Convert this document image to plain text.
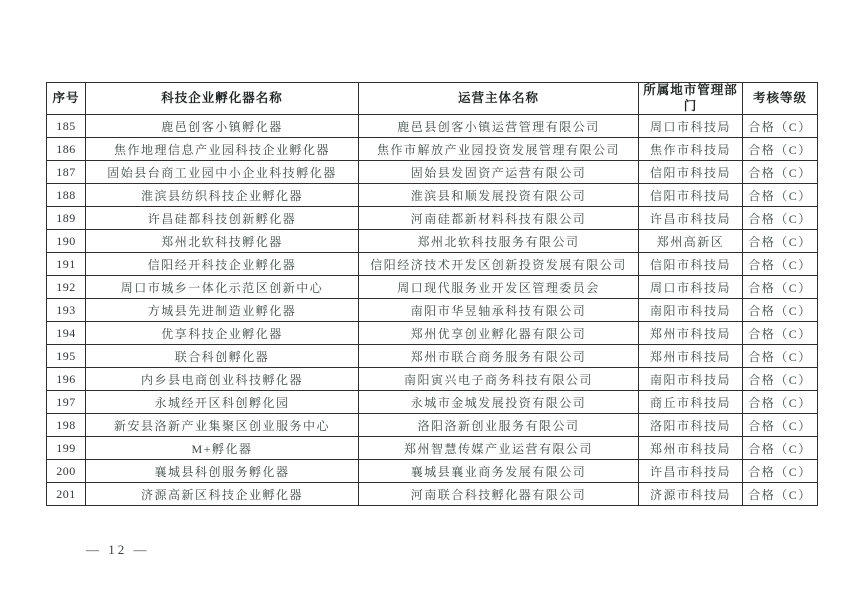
序号	科技企业孵化器名称	运营主体名称	所属地市管理部门	考核等级
185	鹿邑创客小镇孵化器	鹿邑县创客小镇运营管理有限公司	周口市科技局	合格（C）
186	焦作地理信息产业园科技企业孵化器	焦作市解放产业园投资发展管理有限公司	焦作市科技局	合格（C）
187	固始县台商工业园中小企业科技孵化器	固始县发固资产运营有限公司	信阳市科技局	合格（C）
188	淮滨县纺织科技企业孵化器	淮滨县和顺发展投资有限公司	信阳市科技局	合格（C）
189	许昌硅都科技创新孵化器	河南硅都新材料科技有限公司	许昌市科技局	合格（C）
190	郑州北软科技孵化器	郑州北软科技服务有限公司	郑州高新区	合格（C）
191	信阳经开科技企业孵化器	信阳经济技术开发区创新投资发展有限公司	信阳市科技局	合格（C）
192	周口市城乡一体化示范区创新中心	周口现代服务业开发区管理委员会	周口市科技局	合格（C）
193	方城县先进制造业孵化器	南阳市华昱轴承科技有限公司	南阳市科技局	合格（C）
194	优享科技企业孵化器	郑州优享创业孵化器有限公司	郑州市科技局	合格（C）
195	联合科创孵化器	郑州市联合商务服务有限公司	郑州市科技局	合格（C）
196	内乡县电商创业科技孵化器	南阳寅兴电子商务科技有限公司	南阳市科技局	合格（C）
197	永城经开区科创孵化园	永城市金城发展投资有限公司	商丘市科技局	合格（C）
198	新安县洛新产业集聚区创业服务中心	洛阳洛新创业服务有限公司	洛阳市科技局	合格（C）
199	M+孵化器	郑州智慧传媒产业运营有限公司	郑州市科技局	合格（C）
200	襄城县科创服务孵化器	襄城县襄业商务发展有限公司	许昌市科技局	合格（C）
201	济源高新区科技企业孵化器	河南联合科技孵化器有限公司	济源市科技局	合格（C）
— 12 —
